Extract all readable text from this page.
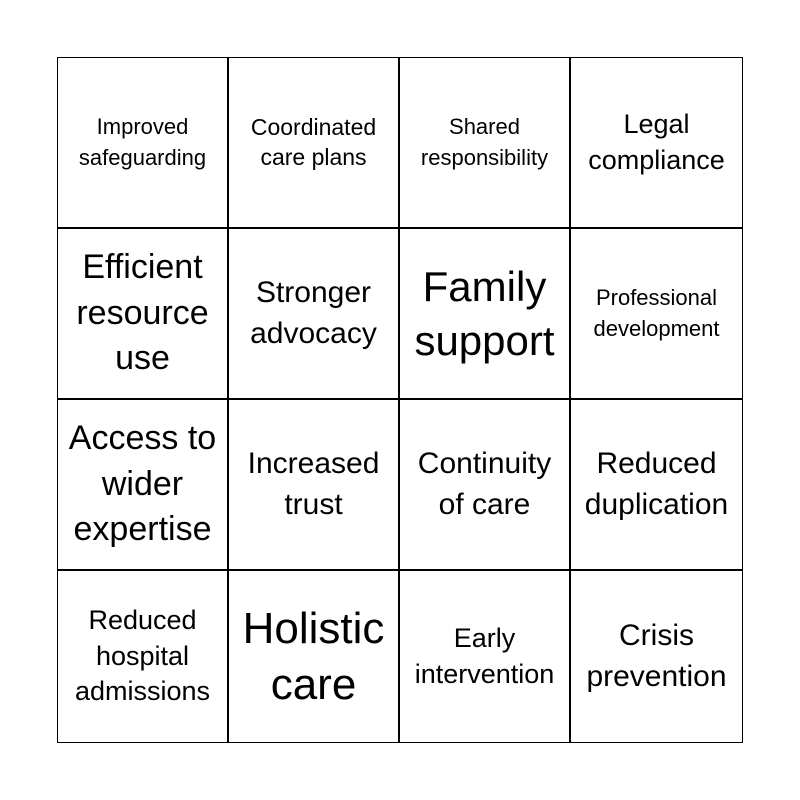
Improved safeguarding
Coordinated care plans
Shared responsibility
Legal compliance
Efficient resource use
Stronger advocacy
Family support
Professional development
Access to wider expertise
Increased trust
Continuity of care
Reduced duplication
Reduced hospital admissions
Holistic care
Early intervention
Crisis prevention
